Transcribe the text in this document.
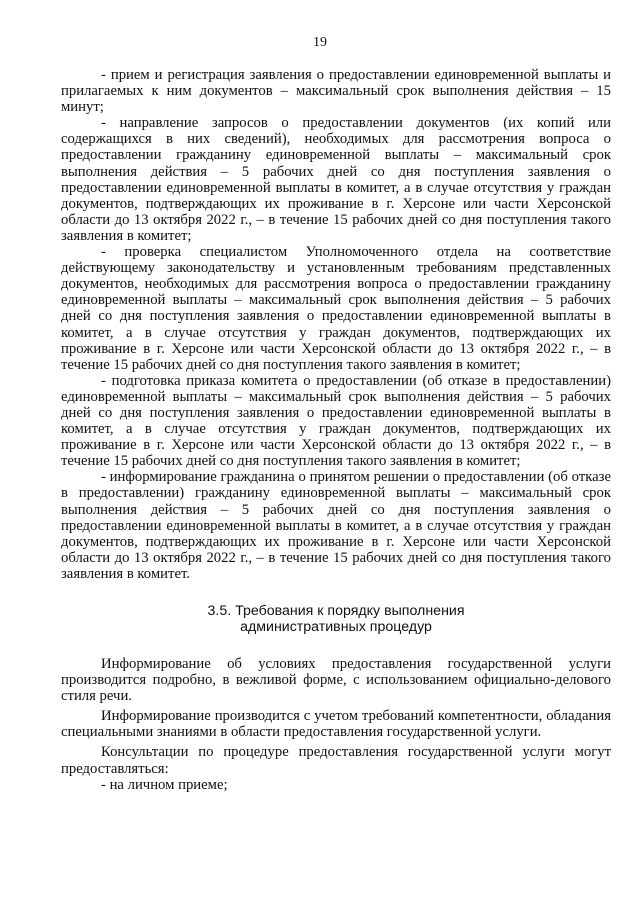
19

- прием и регистрация заявления о предоставлении единовременной выплаты и прилагаемых к ним документов – максимальный срок выполнения действия – 15 минут;

- направление запросов о предоставлении документов (их копий или содержащихся в них сведений), необходимых для рассмотрения вопроса о предоставлении гражданину единовременной выплаты – максимальный срок выполнения действия – 5 рабочих дней со дня поступления заявления о предоставлении единовременной выплаты в комитет, а в случае отсутствия у граждан документов, подтверждающих их проживание в г. Херсоне или части Херсонской области до 13 октября 2022 г., – в течение 15 рабочих дней со дня поступления такого заявления в комитет;

- проверка специалистом Уполномоченного отдела на соответствие действующему законодательству и установленным требованиям представленных документов, необходимых для рассмотрения вопроса о предоставлении гражданину единовременной выплаты – максимальный срок выполнения действия – 5 рабочих дней со дня поступления заявления о предоставлении единовременной выплаты в комитет, а в случае отсутствия у граждан документов, подтверждающих их проживание в г. Херсоне или части Херсонской области до 13 октября 2022 г., – в течение 15 рабочих дней со дня поступления такого заявления в комитет;

- подготовка приказа комитета о предоставлении (об отказе в предоставлении) единовременной выплаты – максимальный срок выполнения действия – 5 рабочих дней со дня поступления заявления о предоставлении единовременной выплаты в комитет, а в случае отсутствия у граждан документов, подтверждающих их проживание в г. Херсоне или части Херсонской области до 13 октября 2022 г., – в течение 15 рабочих дней со дня поступления такого заявления в комитет;

- информирование гражданина о принятом решении о предоставлении (об отказе в предоставлении) гражданину единовременной выплаты – максимальный срок выполнения действия – 5 рабочих дней со дня поступления заявления о предоставлении единовременной выплаты в комитет, а в случае отсутствия у граждан документов, подтверждающих их проживание в г. Херсоне или части Херсонской области до 13 октября 2022 г., – в течение 15 рабочих дней со дня поступления такого заявления в комитет.

3.5. Требования к порядку выполнения
административных процедур

Информирование об условиях предоставления государственной услуги производится подробно, в вежливой форме, с использованием официально-делового стиля речи.

Информирование производится с учетом требований компетентности, обладания специальными знаниями в области предоставления государственной услуги.

Консультации по процедуре предоставления государственной услуги могут предоставляться:

- на личном приеме;
